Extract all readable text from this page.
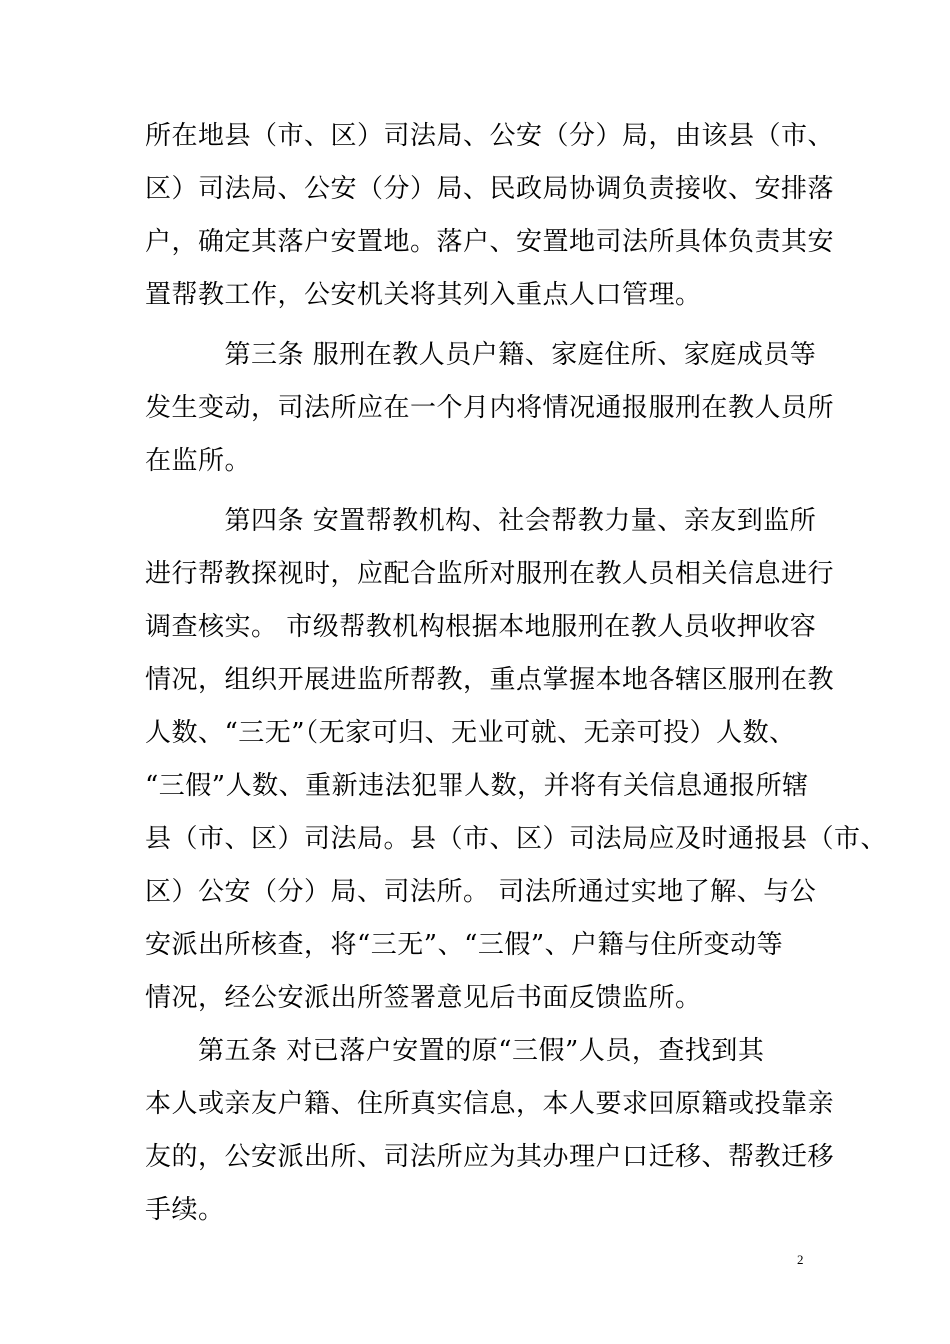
所在地县（市、区）司法局、公安（分）局，由该县（市、
区）司法局、公安（分）局、民政局协调负责接收、安排落
户，确定其落户安置地。落户、安置地司法所具体负责其安
置帮教工作，公安机关将其列入重点人口管理。
　　　第三条 服刑在教人员户籍、家庭住所、家庭成员等
发生变动，司法所应在一个月内将情况通报服刑在教人员所
在监所。
　　　第四条 安置帮教机构、社会帮教力量、亲友到监所
进行帮教探视时，应配合监所对服刑在教人员相关信息进行
调查核实。 市级帮教机构根据本地服刑在教人员收押收容
情况，组织开展进监所帮教，重点掌握本地各辖区服刑在教
人数、“三无”（无家可归、无业可就、无亲可投）人数、
“三假”人数、重新违法犯罪人数，并将有关信息通报所辖
县（市、区）司法局。县（市、区）司法局应及时通报县（市、
区）公安（分）局、司法所。 司法所通过实地了解、与公
安派出所核查，将“三无”、“三假”、户籍与住所变动等
情况，经公安派出所签署意见后书面反馈监所。
　　第五条 对已落户安置的原“三假”人员，查找到其
本人或亲友户籍、住所真实信息，本人要求回原籍或投靠亲
友的，公安派出所、司法所应为其办理户口迁移、帮教迁移
手续。
2
